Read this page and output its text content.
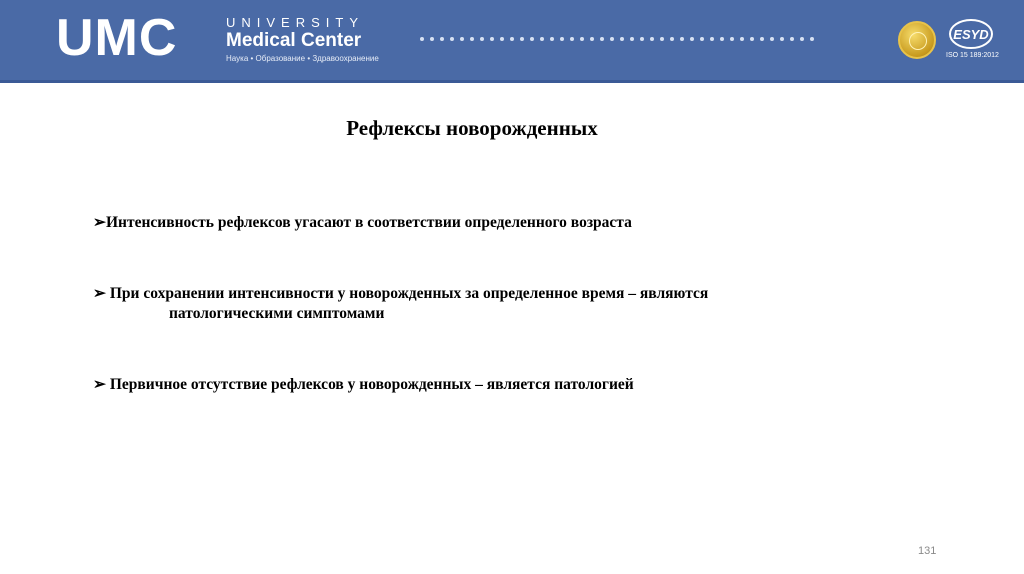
UMC	UNIVERSITY
Medical Center
Наука • Образование • Здравоохранение
ESYD
ISO 15 189:2012
Рефлексы новорожденных
➢Интенсивность рефлексов угасают в соответствии определенного возраста
➢ При сохранении интенсивности у новорожденных за определенное время – являются
патологическими симптомами
➢ Первичное отсутствие рефлексов у новорожденных – является патологией
131
